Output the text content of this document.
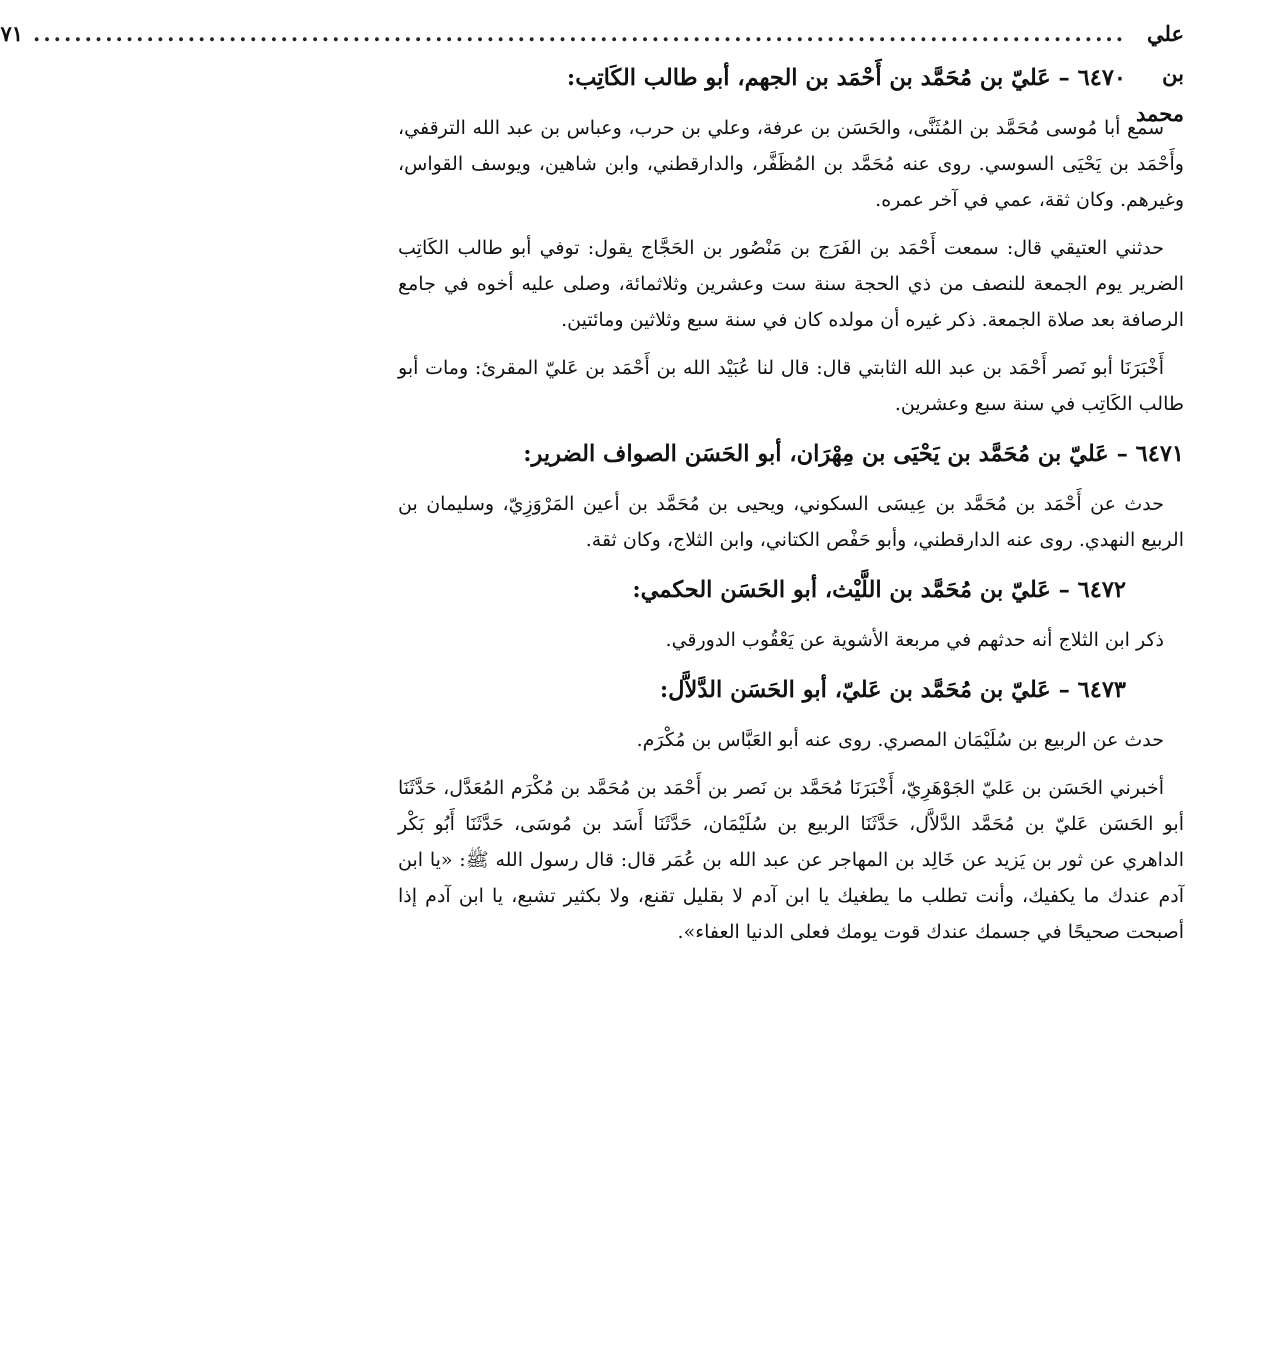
علي بن محمد
..........................................................................................................
٧١
٦٤٧٠ – عَليّ بن مُحَمَّد بن أَحْمَد بن الجهم، أبو طالب الكَاتِب:

سمع أبا مُوسى مُحَمَّد بن المُثَنَّى، والحَسَن بن عرفة، وعلي بن حرب، وعباس بن عبد الله الترقفي، وأَحْمَد بن يَحْيَى السوسي. روى عنه مُحَمَّد بن المُظَفَّر، والدارقطني، وابن شاهين، ويوسف القواس، وغيرهم. وكان ثقة، عمي في آخر عمره.

حدثني العتيقي قال: سمعت أَحْمَد بن الفَرَج بن مَنْصُور بن الحَجَّاج يقول: توفي أبو طالب الكَاتِب الضرير يوم الجمعة للنصف من ذي الحجة سنة ست وعشرين وثلاثمائة، وصلى عليه أخوه في جامع الرصافة بعد صلاة الجمعة. ذكر غيره أن مولده كان في سنة سبع وثلاثين ومائتين.

أَخْبَرَنَا أبو نَصر أَحْمَد بن عبد الله الثابتي قال: قال لنا عُبَيْد الله بن أَحْمَد بن عَليّ المقرئ: ومات أبو طالب الكَاتِب في سنة سبع وعشرين.

٦٤٧١ – عَليّ بن مُحَمَّد بن يَحْيَى بن مِهْرَان، أبو الحَسَن الصواف الضرير:

حدث عن أَحْمَد بن مُحَمَّد بن عِيسَى السكوني، ويحيى بن مُحَمَّد بن أعين المَرْوَزِيّ، وسليمان بن الربيع النهدي. روى عنه الدارقطني، وأبو حَفْص الكتاني، وابن الثلاج، وكان ثقة.

٦٤٧٢ – عَليّ بن مُحَمَّد بن اللَّيْث، أبو الحَسَن الحكمي:

ذكر ابن الثلاج أنه حدثهم في مربعة الأشوية عن يَعْقُوب الدورقي.

٦٤٧٣ – عَليّ بن مُحَمَّد بن عَليّ، أبو الحَسَن الدَّلاَّل:

حدث عن الربيع بن سُلَيْمَان المصري. روى عنه أبو العَبَّاس بن مُكْرَم.

أخبرني الحَسَن بن عَليّ الجَوْهَرِيّ، أَخْبَرَنَا مُحَمَّد بن نَصر بن أَحْمَد بن مُحَمَّد بن مُكْرَم المُعَدَّل، حَدَّثَنَا أبو الحَسَن عَليّ بن مُحَمَّد الدَّلاَّل، حَدَّثَنَا الربيع بن سُلَيْمَان، حَدَّثَنَا أَسَد بن مُوسَى، حَدَّثَنَا أَبُو بَكْر الداهري عن ثور بن يَزيد عن خَالِد بن المهاجر عن عبد الله بن عُمَر قال: قال رسول الله ﷺ: «يا ابن آدم عندك ما يكفيك، وأنت تطلب ما يطغيك يا ابن آدم لا بقليل تقنع، ولا بكثير تشبع، يا ابن آدم إذا أصبحت صحيحًا في جسمك عندك قوت يومك فعلى الدنيا العفاء».
